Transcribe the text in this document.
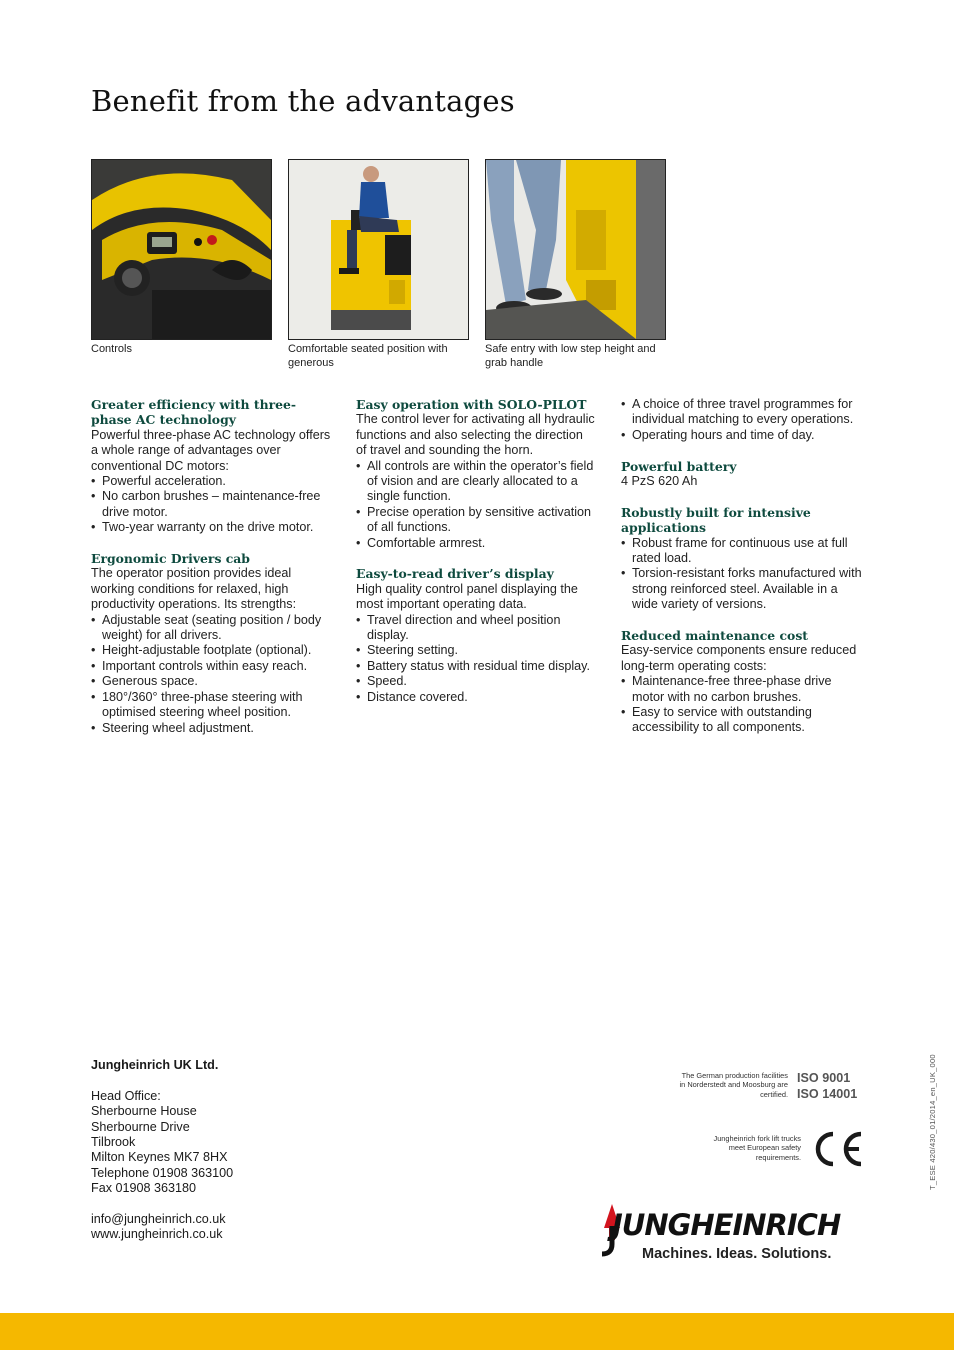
Benefit from the advantages
Controls	Comfortable seated position with generous
Safe entry with low step height and grab handle
Greater efficiency with three-phase AC technology

Powerful three-phase AC technology offers a whole range of advantages over conventional DC motors:

• Powerful acceleration.
• No carbon brushes – maintenance-free drive motor.
• Two-year warranty on the drive motor.
Ergonomic Drivers cab

The operator position provides ideal working conditions for relaxed, high productivity operations. Its strengths:

• Adjustable seat (seating position / body weight) for all drivers.
• Height-adjustable footplate (optional).
• Important controls within easy reach.
• Generous space.
• 180°/360° three-phase steering with optimised steering wheel position.
• Steering wheel adjustment.
Easy operation with SOLO-PILOT

The control lever for activating all hydraulic functions and also selecting the direction of travel and sounding the horn.

• All controls are within the operator’s field of vision and are clearly allocated to a single function.
• Precise operation by sensitive activation of all functions.
• Comfortable armrest.
Easy-to-read driver’s display

High quality control panel displaying the most important operating data.

• Travel direction and wheel position display.
• Steering setting.
• Battery status with residual time display.
• Speed.
• Distance covered.
• A choice of three travel programmes for individual matching to every operations.
• Operating hours and time of day.
Powerful battery

4 PzS 620 Ah

Robustly built for intensive applications
• Robust frame for continuous use at full rated load.
• Torsion-resistant forks manufactured with strong reinforced steel. Available in a wide variety of versions.
Reduced maintenance cost

Easy-service components ensure reduced long-term operating costs:

• Maintenance-free three-phase drive motor with no carbon brushes.
• Easy to service with outstanding accessibility to all components.

Jungheinrich UK Ltd.

Head Office:

Sherbourne House

Sherbourne Drive

Tilbrook

Milton Keynes MK7 8HX

Telephone 01908 363100

Fax 01908 363180

info@jungheinrich.co.uk

www.jungheinrich.co.uk

The German production facilities in Norderstedt and Moosburg are certified.
ISO 9001
ISO 14001
Jungheinrich fork lift trucks meet European safety requirements.
JUNGHEINRICH
Machines. Ideas. Solutions.
T_ESE 420/430_01/2014_en_UK_000
